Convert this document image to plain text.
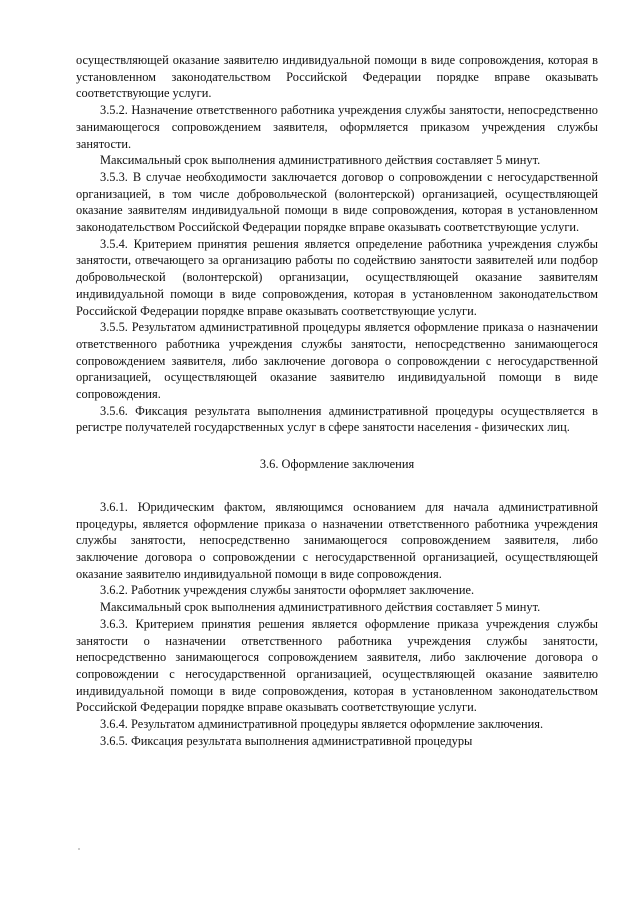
осуществляющей оказание заявителю индивидуальной помощи в виде сопровождения, которая в установленном законодательством Российской Федерации порядке вправе оказывать соответствующие услуги.

3.5.2. Назначение ответственного работника учреждения службы занятости, непосредственно занимающегося сопровождением заявителя, оформляется приказом учреждения службы занятости.

Максимальный срок выполнения административного действия составляет 5 минут.

3.5.3. В случае необходимости заключается договор о сопровождении с негосударственной организацией, в том числе добровольческой (волонтерской) организацией, осуществляющей оказание заявителям индивидуальной помощи в виде сопровождения, которая в установленном законодательством Российской Федерации порядке вправе оказывать соответствующие услуги.

3.5.4. Критерием принятия решения является определение работника учреждения службы занятости, отвечающего за организацию работы по содействию занятости заявителей или подбор добровольческой (волонтерской) организации, осуществляющей оказание заявителям индивидуальной помощи в виде сопровождения, которая в установленном законодательством Российской Федерации порядке вправе оказывать соответствующие услуги.

3.5.5. Результатом административной процедуры является оформление приказа о назначении ответственного работника учреждения службы занятости, непосредственно занимающегося сопровождением заявителя, либо заключение договора о сопровождении с негосударственной организацией, осуществляющей оказание заявителю индивидуальной помощи в виде сопровождения.

3.5.6. Фиксация результата выполнения административной процедуры осуществляется в регистре получателей государственных услуг в сфере занятости населения - физических лиц.

3.6. Оформление заключения

3.6.1. Юридическим фактом, являющимся основанием для начала административной процедуры, является оформление приказа о назначении ответственного работника учреждения службы занятости, непосредственно занимающегося сопровождением заявителя, либо заключение договора о сопровождении с негосударственной организацией, осуществляющей оказание заявителю индивидуальной помощи в виде сопровождения.

3.6.2. Работник учреждения службы занятости оформляет заключение.

Максимальный срок выполнения административного действия составляет 5 минут.

3.6.3. Критерием принятия решения является оформление приказа учреждения службы занятости о назначении ответственного работника учреждения службы занятости, непосредственно занимающегося сопровождением заявителя, либо заключение договора о сопровождении с негосударственной организацией, осуществляющей оказание заявителю индивидуальной помощи в виде сопровождения, которая в установленном законодательством Российской Федерации порядке вправе оказывать соответствующие услуги.

3.6.4. Результатом административной процедуры является оформление заключения.

3.6.5. Фиксация результата выполнения административной процедуры
